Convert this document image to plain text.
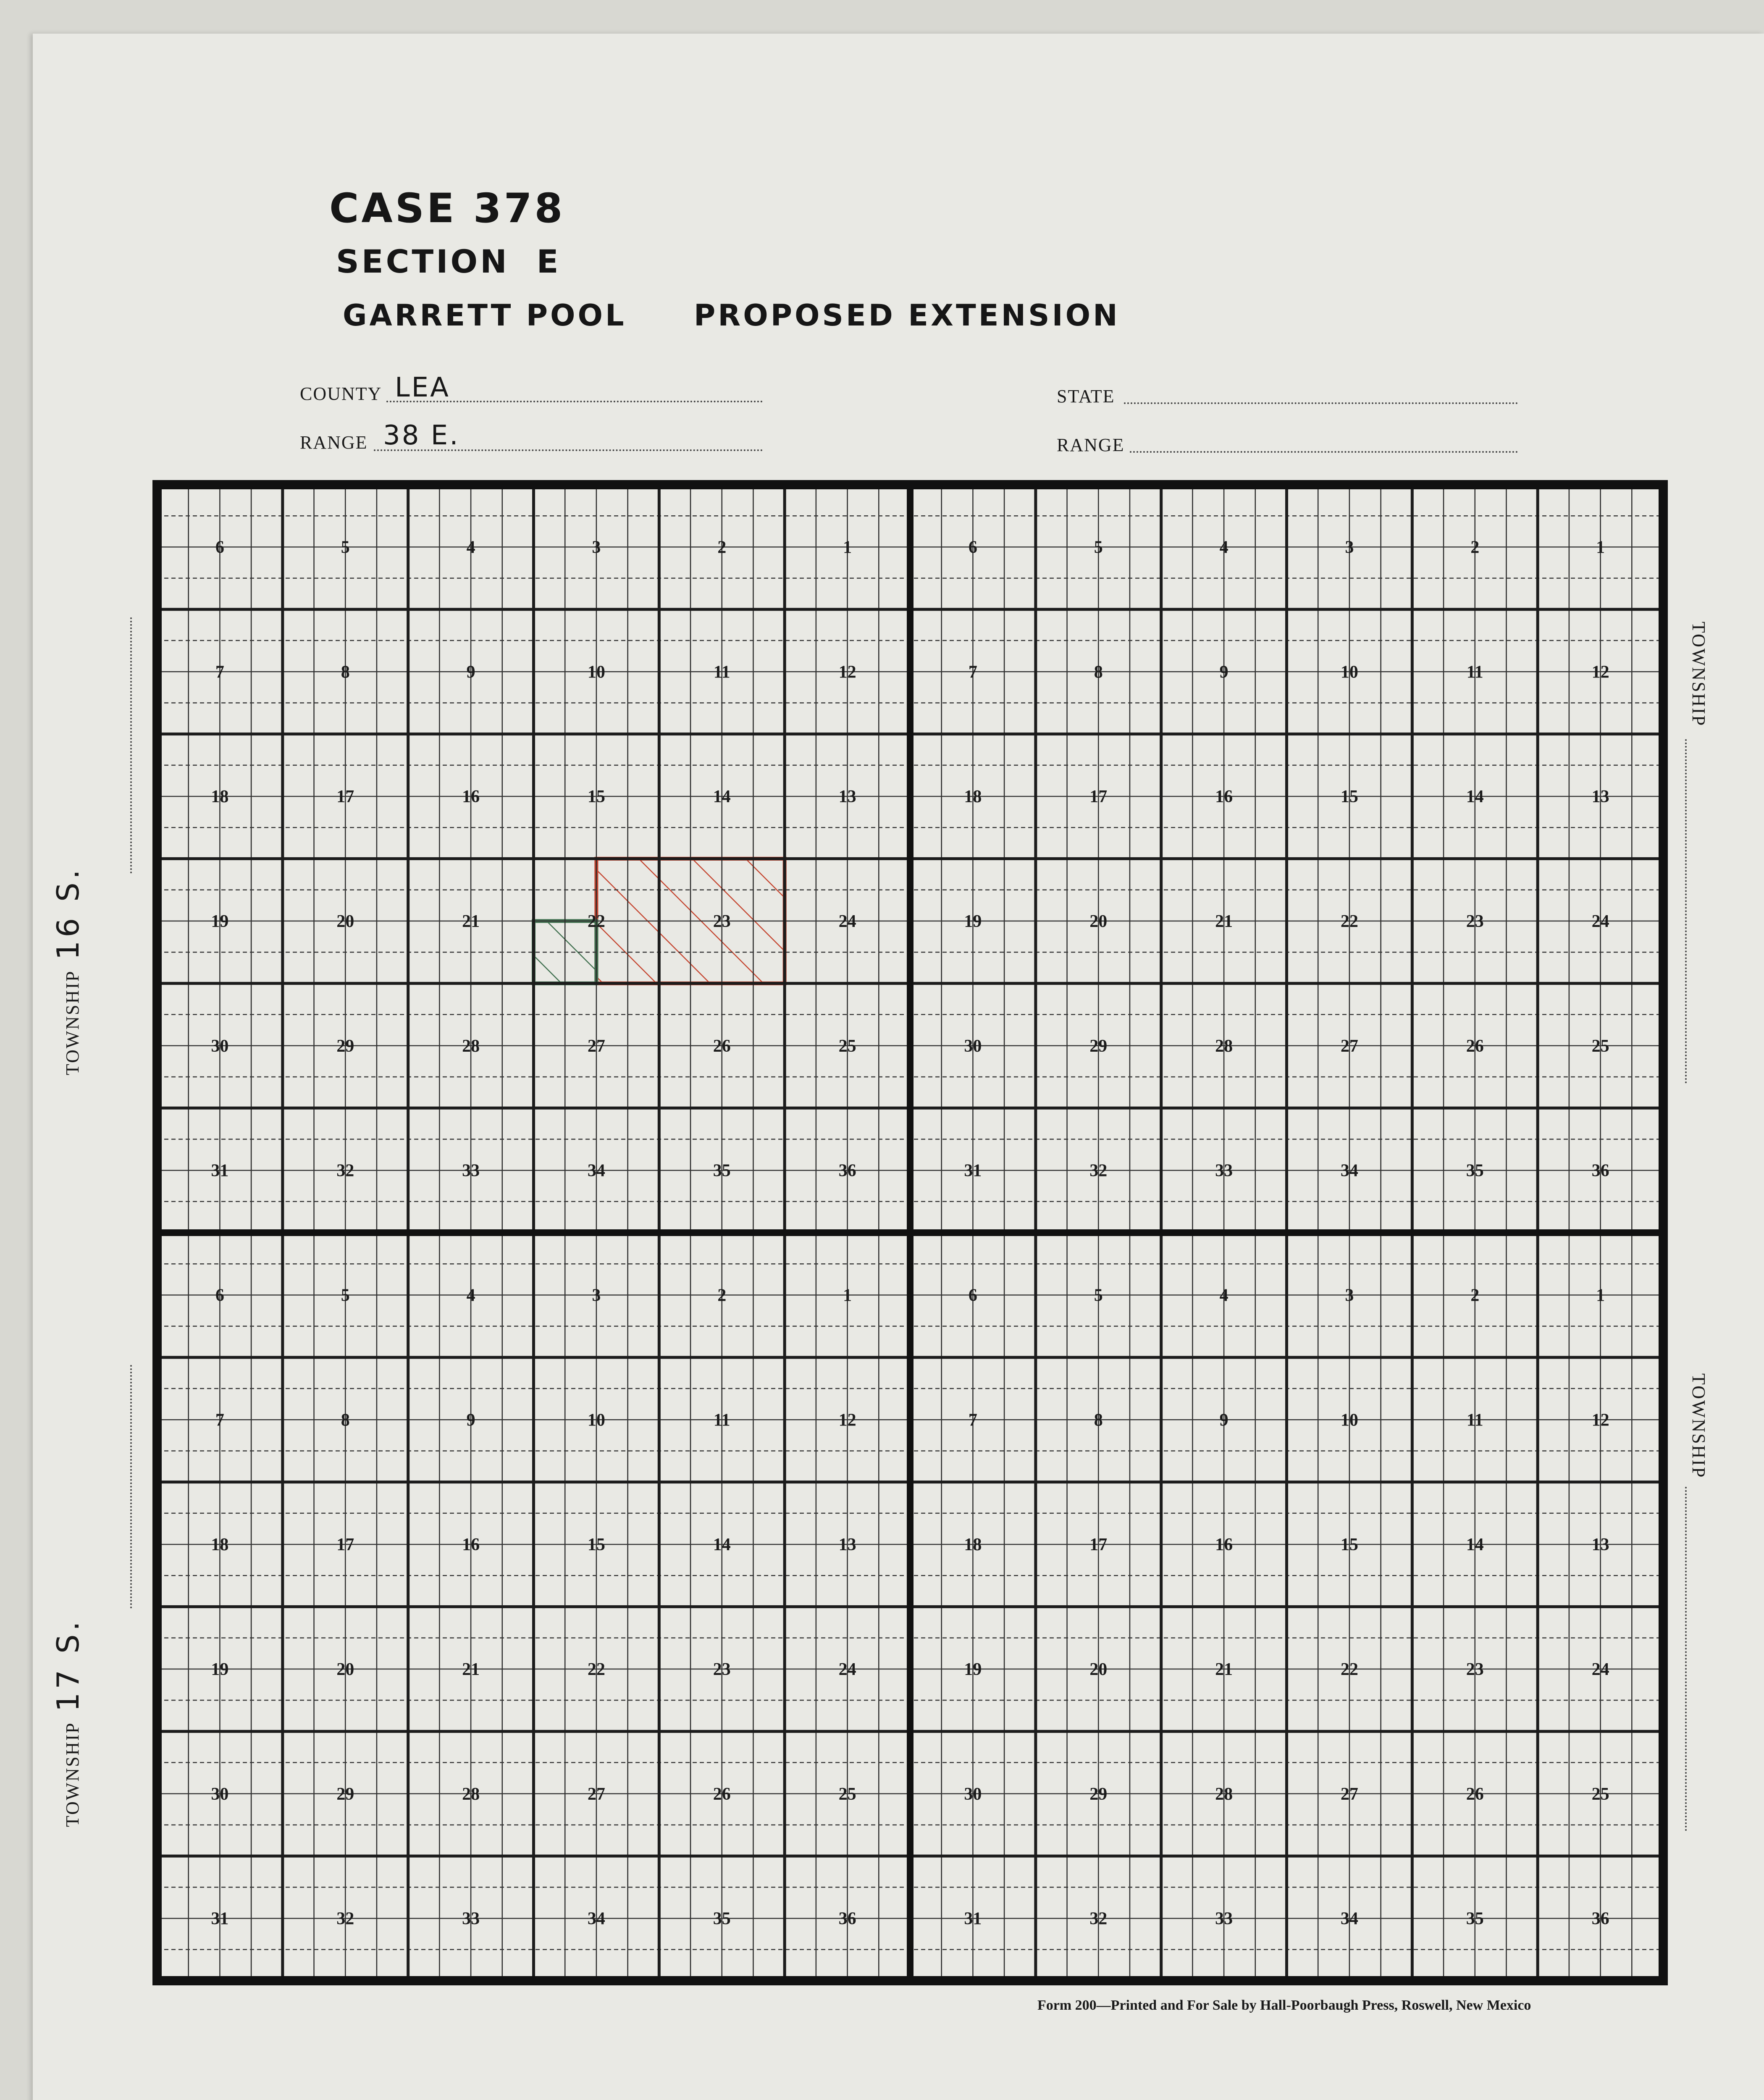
CASE 378
SECTION  E
GARRETT POOL PROPOSED EXTENSION
COUNTY LEA	STATE
RANGE 38 E.	RANGE
TOWNSHIP 16 S.
TOWNSHIP 17 S.
TOWNSHIP
TOWNSHIP
6	5	4	3	2	1	6	5	4	3	2	1
7	8	9	10	11	12	7	8	9	10	11	12
18	17	16	15	14	13	18	17	16	15	14	13
19	20	21	22	23	24	19	20	21	22	23	24
30	29	28	27	26	25	30	29	28	27	26	25
31	32	33	34	35	36	31	32	33	34	35	36
6	5	4	3	2	1	6	5	4	3	2	1
7	8	9	10	11	12	7	8	9	10	11	12
18	17	16	15	14	13	18	17	16	15	14	13
19	20	21	22	23	24	19	20	21	22	23	24
30	29	28	27	26	25	30	29	28	27	26	25
31	32	33	34	35	36	31	32	33	34	35	36
Form 200—Printed and For Sale by Hall-Poorbaugh Press, Roswell, New Mexico
